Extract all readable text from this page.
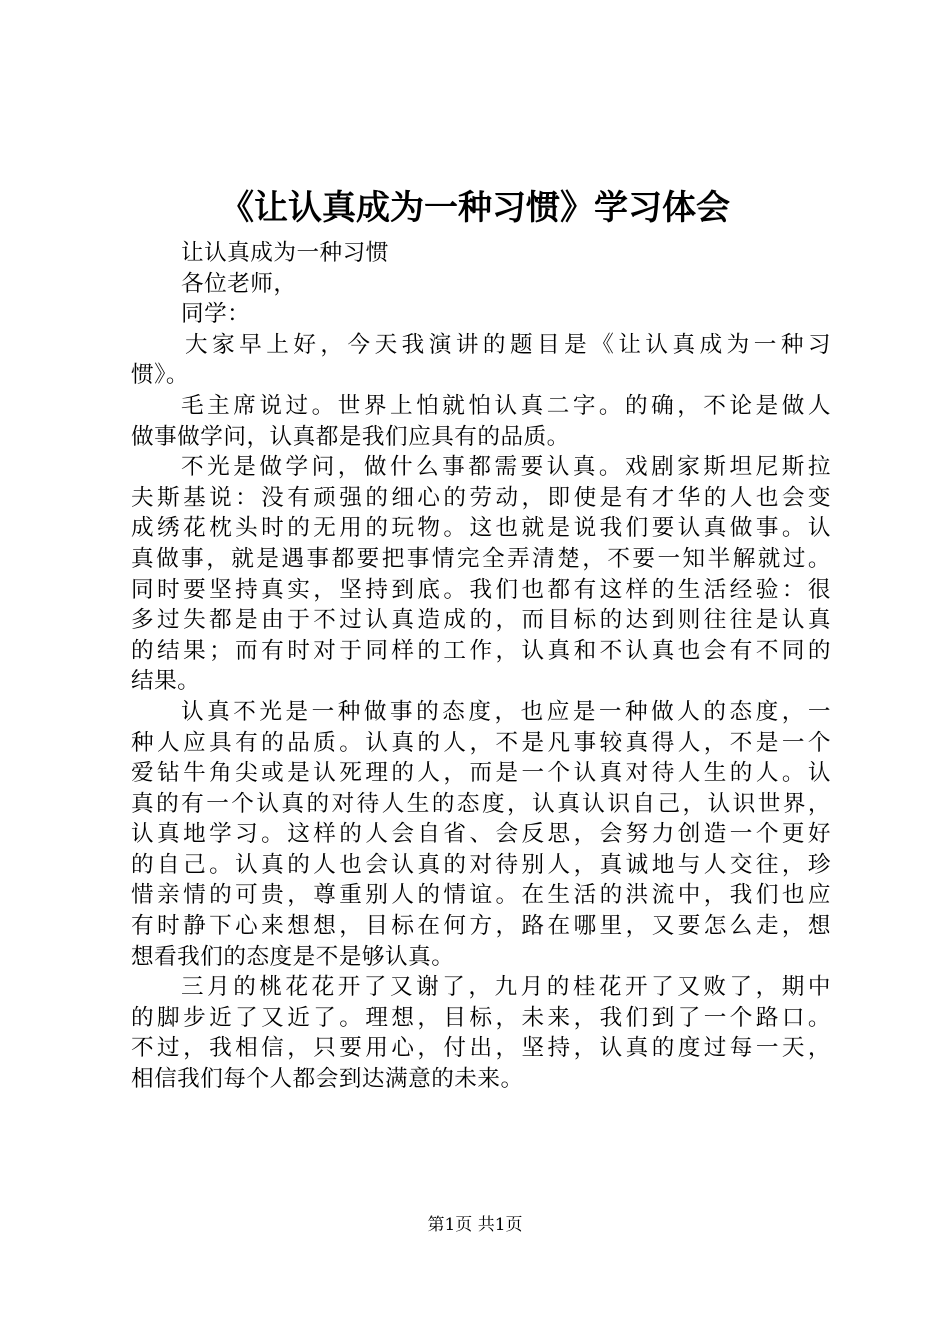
《让认真成为一种习惯》学习体会
让认真成为一种习惯
各位老师，
同学：
大家早上好，今天我演讲的题目是《让认真成为一种习
惯》。
毛主席说过。世界上怕就怕认真二字。的确，不论是做人
做事做学问，认真都是我们应具有的品质。
不光是做学问，做什么事都需要认真。戏剧家斯坦尼斯拉
夫斯基说：没有顽强的细心的劳动，即使是有才华的人也会变
成绣花枕头时的无用的玩物。这也就是说我们要认真做事。认
真做事，就是遇事都要把事情完全弄清楚，不要一知半解就过。
同时要坚持真实，坚持到底。我们也都有这样的生活经验：很
多过失都是由于不过认真造成的，而目标的达到则往往是认真
的结果；而有时对于同样的工作，认真和不认真也会有不同的
结果。
认真不光是一种做事的态度，也应是一种做人的态度，一
种人应具有的品质。认真的人，不是凡事较真得人，不是一个
爱钻牛角尖或是认死理的人，而是一个认真对待人生的人。认
真的有一个认真的对待人生的态度，认真认识自己，认识世界，
认真地学习。这样的人会自省、会反思，会努力创造一个更好
的自己。认真的人也会认真的对待别人，真诚地与人交往，珍
惜亲情的可贵，尊重别人的情谊。在生活的洪流中，我们也应
有时静下心来想想，目标在何方，路在哪里，又要怎么走，想
想看我们的态度是不是够认真。
三月的桃花花开了又谢了，九月的桂花开了又败了，期中
的脚步近了又近了。理想，目标，未来，我们到了一个路口。
不过，我相信，只要用心，付出，坚持，认真的度过每一天，
相信我们每个人都会到达满意的未来。
第1页 共1页
